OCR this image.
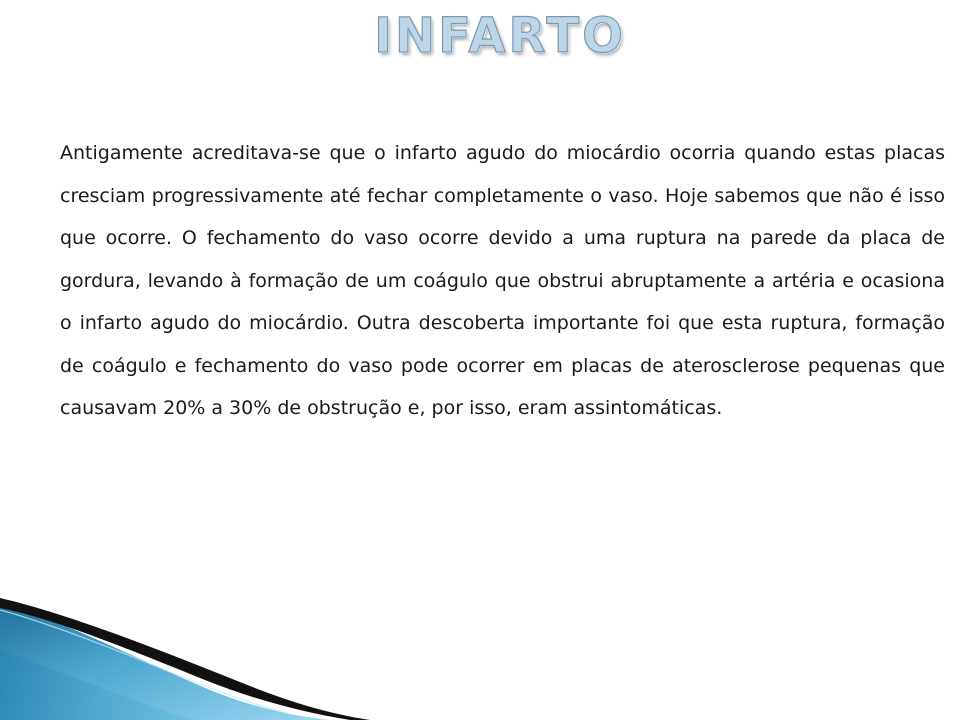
INFARTO

Antigamente acreditava-se que o infarto agudo do miocárdio ocorria quando estas placas cresciam progressivamente até fechar completamente o vaso. Hoje sabemos que não é isso que ocorre. O fechamento do vaso ocorre devido a uma ruptura na parede da placa de gordura, levando à formação de um coágulo que obstrui abruptamente a artéria e ocasiona o infarto agudo do miocárdio. Outra descoberta importante foi que esta ruptura, formação de coágulo e fechamento do vaso pode ocorrer em placas de aterosclerose pequenas que causavam 20% a 30% de obstrução e, por isso, eram assintomáticas.
